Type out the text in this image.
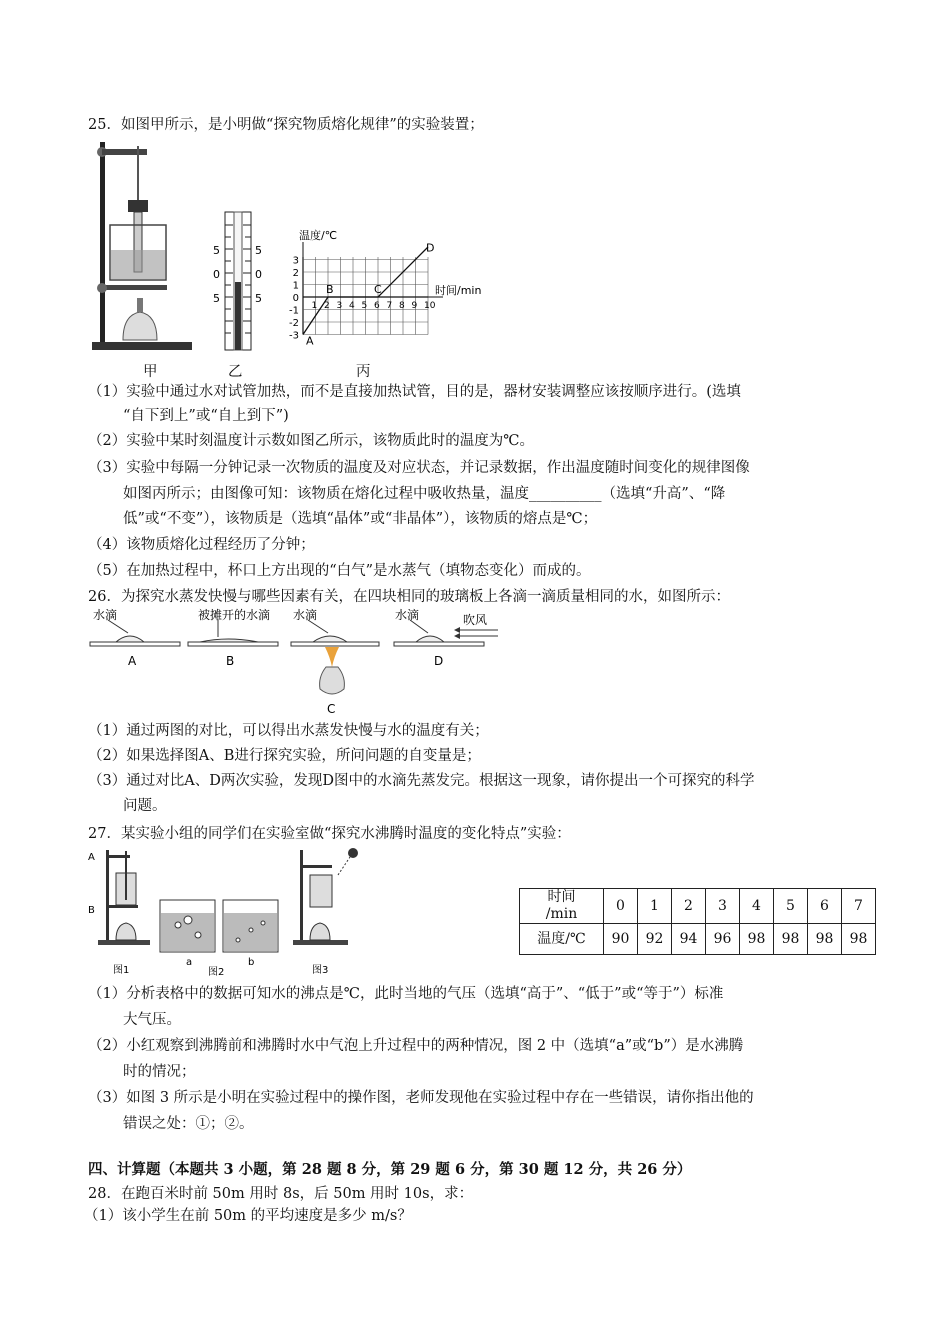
25．如图甲所示，是小明做“探究物质熔化规律”的实验装置；
5
0
5
5
0
5
温度/℃
时间/min
3
2
1
0
-1
-2
-3
1 2 3 4 5 6 7 8 9 10
A
B	C
D
甲	乙	丙
（1）实验中通过水对试管加热，而不是直接加热试管，目的是，器材安装调整应该按顺序进行。(选填
“自下到上”或“自上到下”)
（2）实验中某时刻温度计示数如图乙所示，该物质此时的温度为℃。
（3）实验中每隔一分钟记录一次物质的温度及对应状态，并记录数据，作出温度随时间变化的规律图像
如图丙所示；由图像可知：该物质在熔化过程中吸收热量，温度__________（选填“升高”、“降
低”或“不变”），该物质是（选填“晶体”或“非晶体”），该物质的熔点是℃；
（4）该物质熔化过程经历了分钟；
（5）在加热过程中，杯口上方出现的“白气”是水蒸气（填物态变化）而成的。
26．为探究水蒸发快慢与哪些因素有关，在四块相同的玻璃板上各滴一滴质量相同的水，如图所示：
水滴
A
被摊开的水滴
B
水滴
C
水滴	吹风
D
（1）通过两图的对比，可以得出水蒸发快慢与水的温度有关；
（2）如果选择图A、B进行探究实验，所问问题的自变量是；
（3）通过对比A、D两次实验，发现D图中的水滴先蒸发完。根据这一现象，请你提出一个可探究的科学
问题。
27．某实验小组的同学们在实验室做“探究水沸腾时温度的变化特点”实验：
A
B
图1
a	b
图2	图3
时间
/min	0	1	2	3	4	5	6	7
温度/℃	90	92	94	96	98	98	98	98
（1）分析表格中的数据可知水的沸点是℃，此时当地的气压（选填“高于”、“低于”或“等于”）标准
大气压。
（2）小红观察到沸腾前和沸腾时水中气泡上升过程中的两种情况，图 2 中（选填“a”或“b”）是水沸腾
时的情况；
（3）如图 3 所示是小明在实验过程中的操作图，老师发现他在实验过程中存在一些错误，请你指出他的
错误之处：①；②。
四、计算题（本题共 3 小题，第 28 题 8 分，第 29 题 6 分，第 30 题 12 分，共 26 分）
28．在跑百米时前 50m 用时 8s，后 50m 用时 10s，求：
（1）该小学生在前 50m 的平均速度是多少 m/s？
